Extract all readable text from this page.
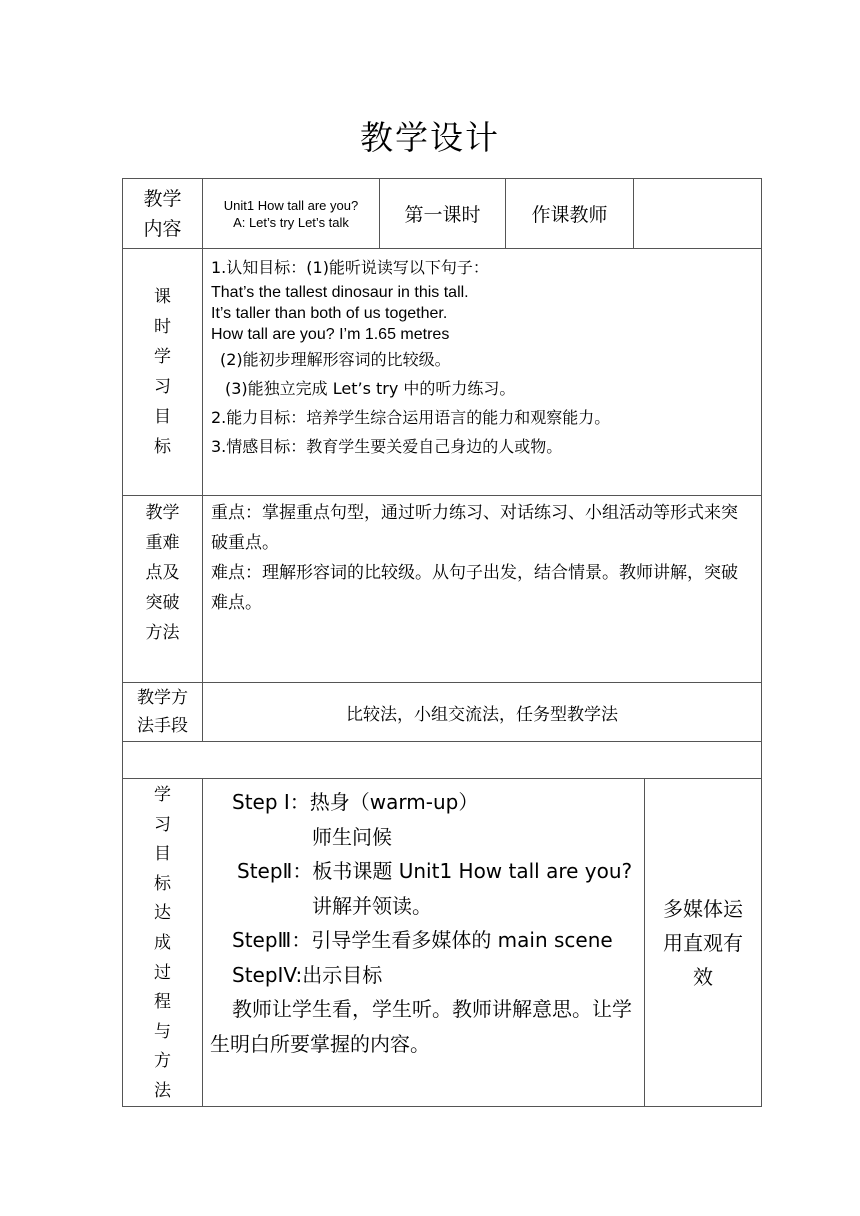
教学设计
教学内容
Unit1 How tall are you?
A: Let’s try Let’s talk	第一课时	作课教师
课
时
学
习
目
标
1.认知目标：(1)能听说读写以下句子：
That’s the tallest dinosaur in this tall.
It’s taller than both of us together.
How tall are you? I’m 1.65 metres
(2)能初步理解形容词的比较级。
(3)能独立完成 Let’s try 中的听力练习。
2.能力目标：培养学生综合运用语言的能力和观察能力。
3.情感目标：教育学生要关爱自己身边的人或物。
教学
重难
点及
突破
方法
重点：掌握重点句型，通过听力练习、对话练习、小组活动等形式来突破重点。
难点：理解形容词的比较级。从句子出发，结合情景。教师讲解，突破难点。
教学方
法手段
比较法，小组交流法，任务型教学法
学
习
目
标
达
成
过
程
与
方
法
Step Ⅰ：热身（warm-up）
师生问候
StepⅡ：板书课题 Unit1 How tall are you?
讲解并领读。
StepⅢ：引导学生看多媒体的 main scene
StepIV:出示目标
教师让学生看，学生听。教师讲解意思。让学生明白所要掌握的内容。
多媒体运用直观有效
